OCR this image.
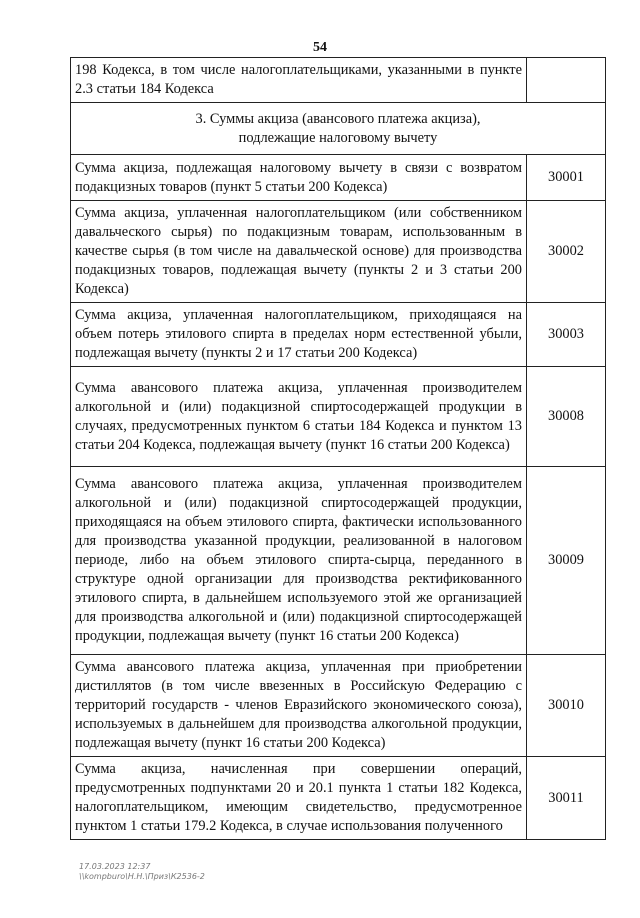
54
198 Кодекса, в том числе налогоплательщиками, указанными в пункте 2.3 статьи 184 Кодекса	

3. Суммы акциза (авансового платежа акциза),
подлежащие налоговому вычету	

Сумма акциза, подлежащая налоговому вычету в связи с возвратом подакцизных товаров (пункт 5 статьи 200 Кодекса)	30001
Сумма акциза, уплаченная налогоплательщиком (или собственником давальческого сырья) по подакцизным товарам, использованным в качестве сырья (в том числе на давальческой основе) для производства подакцизных товаров, подлежащая вычету (пункты 2 и 3 статьи 200 Кодекса)	30002
Сумма акциза, уплаченная налогоплательщиком, приходящаяся на объем потерь этилового спирта в пределах норм естественной убыли, подлежащая вычету (пункты 2 и 17 статьи 200 Кодекса)	30003
Сумма авансового платежа акциза, уплаченная производителем алкогольной и (или) подакцизной спиртосодержащей продукции в случаях, предусмотренных пунктом 6 статьи 184 Кодекса и пунктом 13 статьи 204 Кодекса, подлежащая вычету (пункт 16 статьи 200 Кодекса)	30008
Сумма авансового платежа акциза, уплаченная производителем алкогольной и (или) подакцизной спиртосодержащей продукции, приходящаяся на объем этилового спирта, фактически использованного для производства указанной продукции, реализованной в налоговом периоде, либо на объем этилового спирта-сырца, переданного в структуре одной организации для производства ректификованного этилового спирта, в дальнейшем используемого этой же организацией для производства алкогольной и (или) подакцизной спиртосодержащей продукции, подлежащая вычету (пункт 16 статьи 200 Кодекса)	30009
Сумма авансового платежа акциза, уплаченная при приобретении дистиллятов (в том числе ввезенных в Российскую Федерацию с территорий государств - членов Евразийского экономического союза), используемых в дальнейшем для производства алкогольной продукции, подлежащая вычету (пункт 16 статьи 200 Кодекса)	30010
Сумма акциза, начисленная при совершении операций, предусмотренных подпунктами 20 и 20.1 пункта 1 статьи 182 Кодекса, налогоплательщиком, имеющим свидетельство, предусмотренное пунктом 1 статьи 179.2 Кодекса, в случае использования полученного	30011
17.03.2023 12:37
\\kompburo\Н.Н.\Приз\К2536-2
